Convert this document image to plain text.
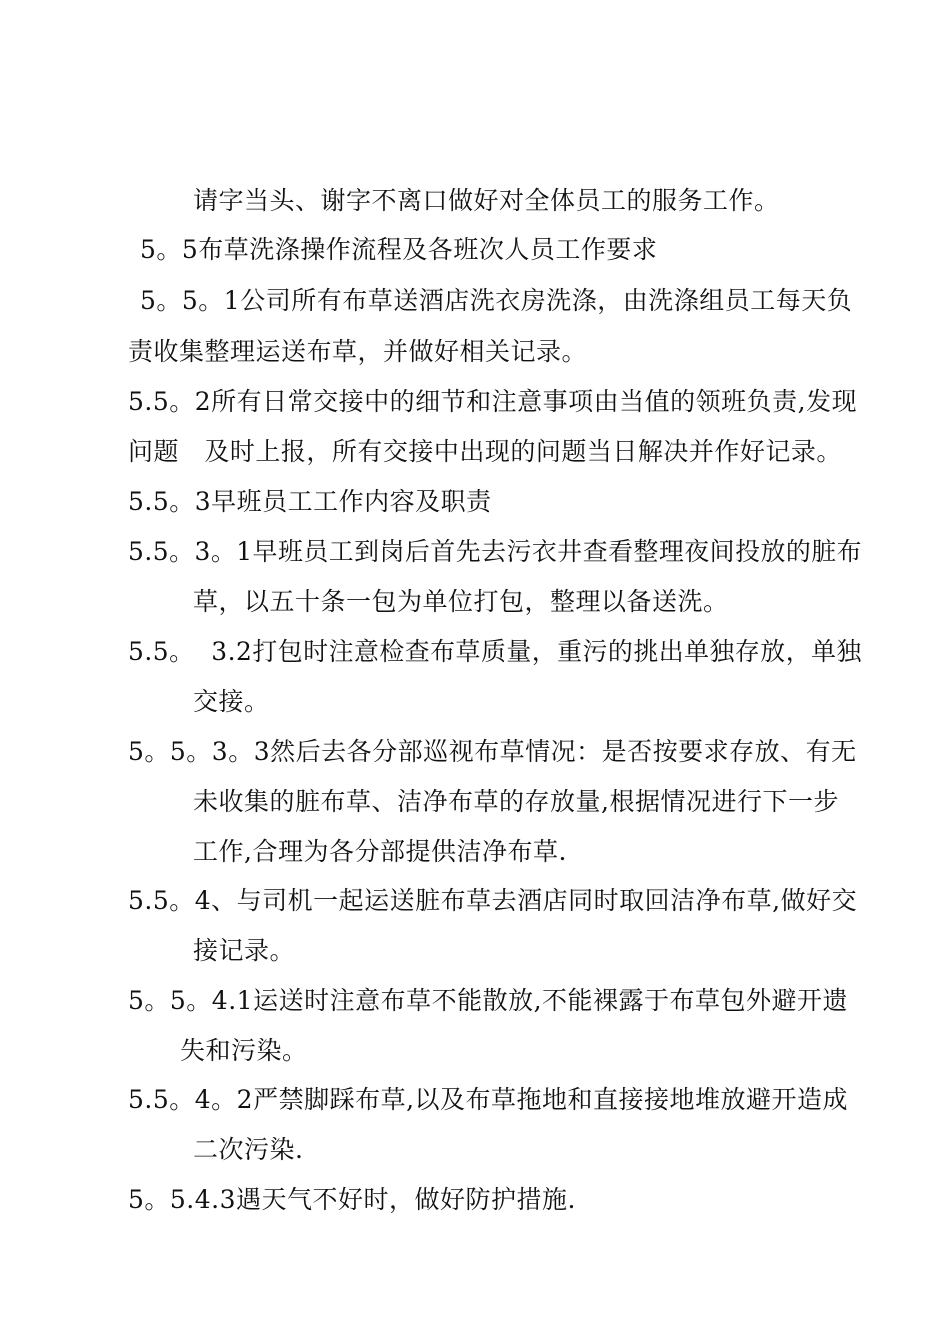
请字当头、谢字不离口做好对全体员工的服务工作。
5。5布草洗涤操作流程及各班次人员工作要求
5。5。1公司所有布草送酒店洗衣房洗涤，由洗涤组员工每天负
责收集整理运送布草，并做好相关记录。
5.5。2所有日常交接中的细节和注意事项由当值的领班负责,发现
问题   及时上报，所有交接中出现的问题当日解决并作好记录。
5.5。3早班员工工作内容及职责
5.5。3。1早班员工到岗后首先去污衣井查看整理夜间投放的脏布
草，以五十条一包为单位打包，整理以备送洗。
5.5。  3.2打包时注意检查布草质量，重污的挑出单独存放，单独
交接。
5。5。3。3然后去各分部巡视布草情况：是否按要求存放、有无
未收集的脏布草、洁净布草的存放量,根据情况进行下一步
工作,合理为各分部提供洁净布草.
5.5。4、与司机一起运送脏布草去酒店同时取回洁净布草,做好交
接记录。
5。5。4.1运送时注意布草不能散放,不能裸露于布草包外避开遗
失和污染。
5.5。4。2严禁脚踩布草,以及布草拖地和直接接地堆放避开造成
二次污染.
5。5.4.3遇天气不好时，做好防护措施.
